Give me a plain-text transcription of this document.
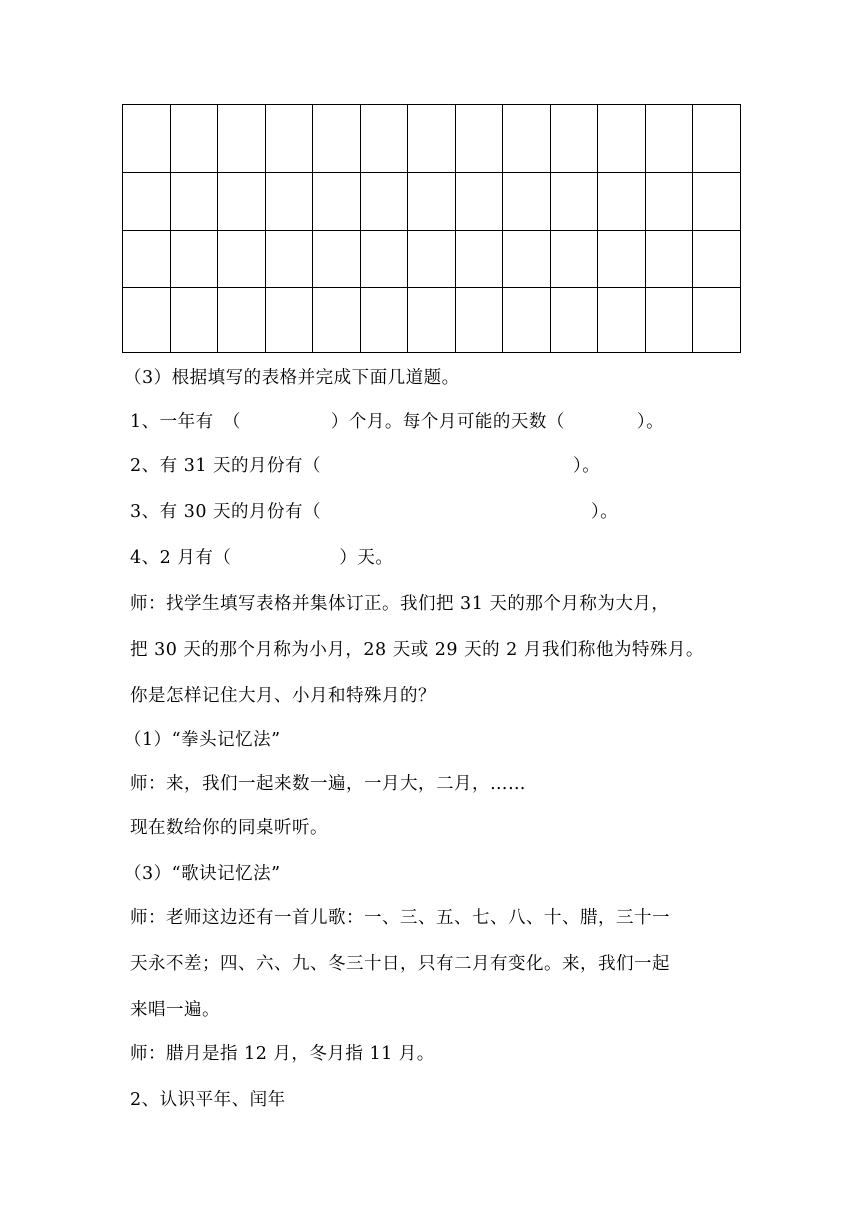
（3）根据填写的表格并完成下面几道题。
1、一年有　（　　　　　）个月。每个月可能的天数（　　　　）。
2、有 31 天的月份有（　　　　　　　　　　　　　　）。
3、有 30 天的月份有（　　　　　　　　　　　　　　　）。
4、2 月有（　　　　　　）天。
师：找学生填写表格并集体订正。我们把 31 天的那个月称为大月，
把 30 天的那个月称为小月，28 天或 29 天的 2 月我们称他为特殊月。
你是怎样记住大月、小月和特殊月的？
（1）“拳头记忆法”
师：来，我们一起来数一遍，一月大，二月，……
现在数给你的同桌听听。
（3）“歌诀记忆法”
师：老师这边还有一首儿歌：一、三、五、七、八、十、腊，三十一
天永不差；四、六、九、冬三十日，只有二月有变化。来，我们一起
来唱一遍。
师：腊月是指 12 月，冬月指 11 月。
2、认识平年、闰年
